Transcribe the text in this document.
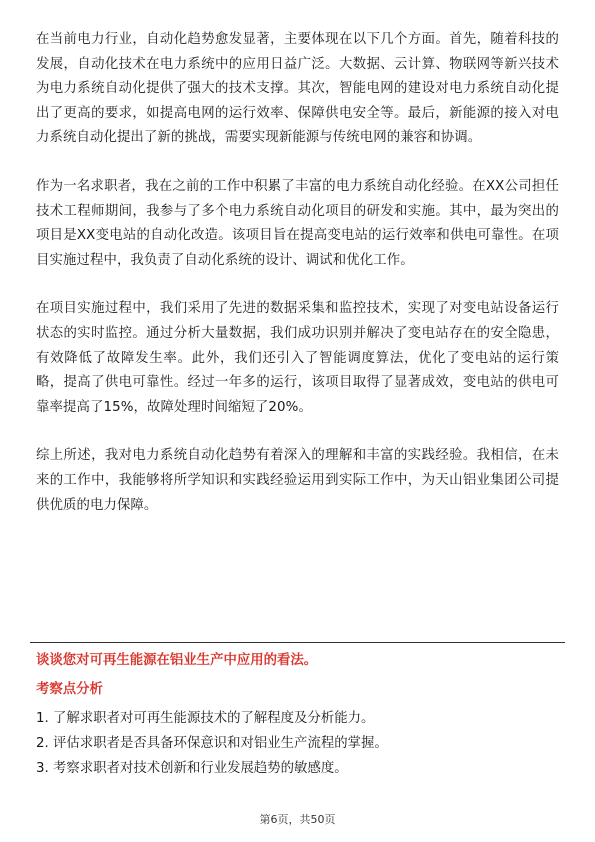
在当前电力行业，自动化趋势愈发显著，主要体现在以下几个方面。首先，随着科技的发展，自动化技术在电力系统中的应用日益广泛。大数据、云计算、物联网等新兴技术为电力系统自动化提供了强大的技术支撑。其次，智能电网的建设对电力系统自动化提出了更高的要求，如提高电网的运行效率、保障供电安全等。最后，新能源的接入对电力系统自动化提出了新的挑战，需要实现新能源与传统电网的兼容和协调。

作为一名求职者，我在之前的工作中积累了丰富的电力系统自动化经验。在XX公司担任技术工程师期间，我参与了多个电力系统自动化项目的研发和实施。其中，最为突出的项目是XX变电站的自动化改造。该项目旨在提高变电站的运行效率和供电可靠性。在项目实施过程中，我负责了自动化系统的设计、调试和优化工作。

在项目实施过程中，我们采用了先进的数据采集和监控技术，实现了对变电站设备运行状态的实时监控。通过分析大量数据，我们成功识别并解决了变电站存在的安全隐患，有效降低了故障发生率。此外，我们还引入了智能调度算法，优化了变电站的运行策略，提高了供电可靠性。经过一年多的运行，该项目取得了显著成效，变电站的供电可靠率提高了15%，故障处理时间缩短了20%。

综上所述，我对电力系统自动化趋势有着深入的理解和丰富的实践经验。我相信，在未来的工作中，我能够将所学知识和实践经验运用到实际工作中，为天山铝业集团公司提供优质的电力保障。

谈谈您对可再生能源在铝业生产中应用的看法。

考察点分析

1. 了解求职者对可再生能源技术的了解程度及分析能力。
2. 评估求职者是否具备环保意识和对铝业生产流程的掌握。
3. 考察求职者对技术创新和行业发展趋势的敏感度。
第6页，共50页
